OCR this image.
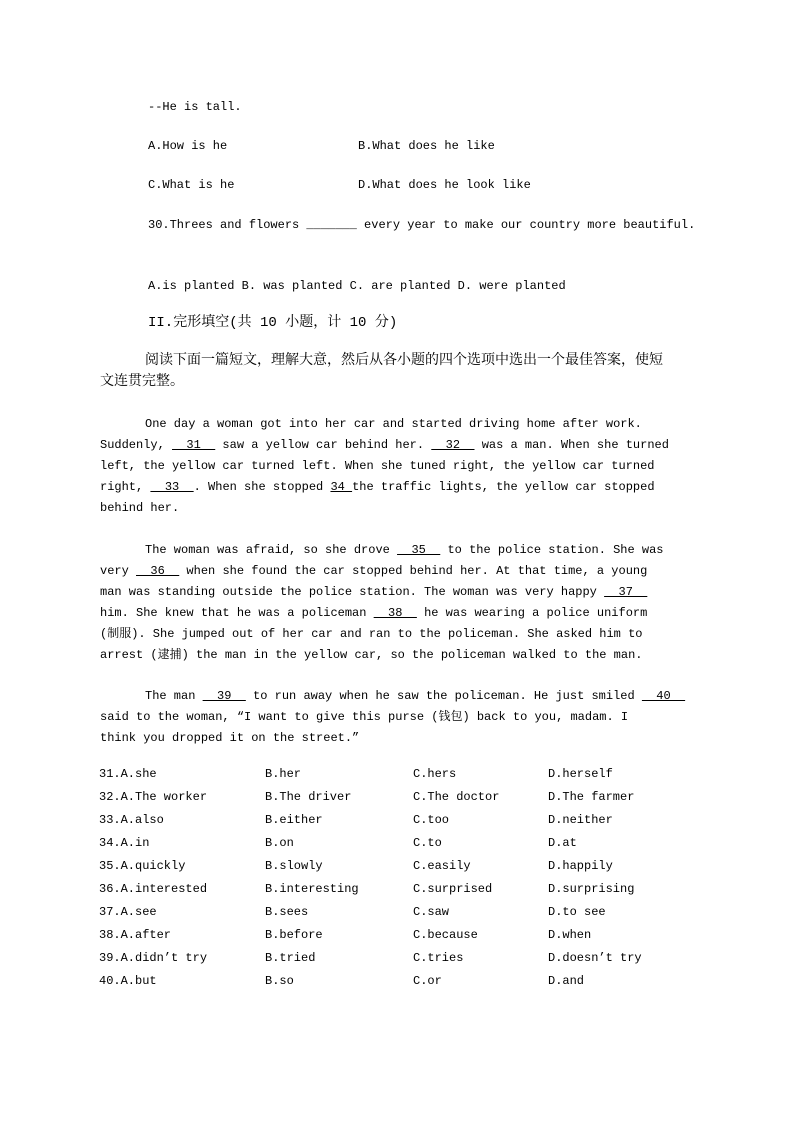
--He is tall.
A.How is he	B.What does he like
C.What is he	D.What does he look like
30.Threes and flowers _______ every year to make our country more beautiful.
A.is planted B. was planted C. are planted D. were planted
II.完形填空(共 10 小题，计 10 分)
阅读下面一篇短文，理解大意，然后从各小题的四个选项中选出一个最佳答案，使短
文连贯完整。
One day a woman got into her car and started driving home after work.
Suddenly,   31   saw a yellow car behind her.   32   was a man. When she turned
left, the yellow car turned left. When she tuned right, the yellow car turned
right,   33  . When she stopped 34 the traffic lights, the yellow car stopped
behind her.
The woman was afraid, so she drove   35   to the police station. She was
very   36   when she found the car stopped behind her. At that time, a young
man was standing outside the police station. The woman was very happy   37
him. She knew that he was a policeman   38   he was wearing a police uniform
(制服). She jumped out of her car and ran to the policeman. She asked him to
arrest (逮捕) the man in the yellow car, so the policeman walked to the man.
The man   39   to run away when he saw the policeman. He just smiled   40
said to the woman, “I want to give this purse (钱包) back to you, madam. I
think you dropped it on the street.”
31.A.she	B.her	C.hers	D.herself
32.A.The worker	B.The driver	C.The doctor	D.The farmer
33.A.also	B.either	C.too	D.neither
34.A.in	B.on	C.to	D.at
35.A.quickly	B.slowly	C.easily	D.happily
36.A.interested	B.interesting	C.surprised	D.surprising
37.A.see	B.sees	C.saw	D.to see
38.A.after	B.before	C.because	D.when
39.A.didn’t try	B.tried	C.tries	D.doesn’t try
40.A.but	B.so	C.or	D.and
